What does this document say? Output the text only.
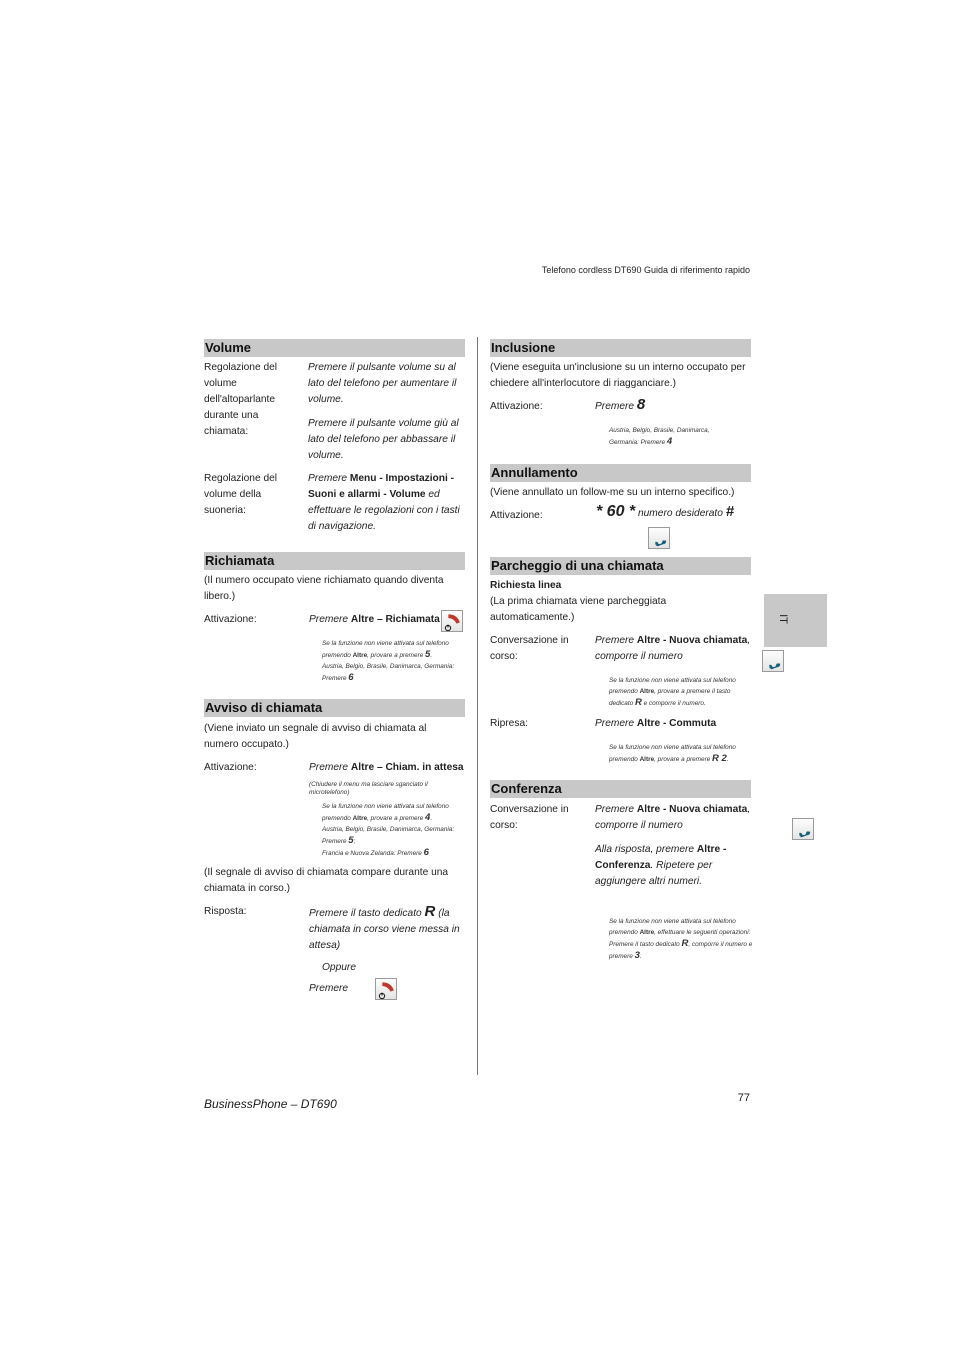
Telefono cordless DT690 Guida di riferimento rapido
Volume
Regolazione del volume dell'altoparlante durante una chiamata:
Premere il pulsante volume su al lato del telefono per aumentare il volume.
Premere il pulsante volume giù al lato del telefono per abbassare il volume.
Regolazione del volume della suoneria:
Premere Menu - Impostazioni - Suoni e allarmi - Volume ed effettuare le regolazioni con i tasti di navigazione.
Richiamata
(Il numero occupato viene richiamato quando diventa libero.)
Attivazione:	Premere Altre – Richiamata

Se la funzione non viene attivata sul telefono premendo Altre, provare a premere 5.
Austria, Belgio, Brasile, Danimarca, Germania: Premere 6
Avviso di chiamata
(Viene inviato un segnale di avviso di chiamata al numero occupato.)
Attivazione:	Premere Altre – Chiam. in attesa
(Chiudere il menu ma lasciare sganciato il microtelefono)
Se la funzione non viene attivata sul telefono premendo Altre, provare a premere 4.
Austria, Belgio, Brasile, Danimarca, Germania: Premere 5;
Francia e Nuova Zelanda: Premere 6
(Il segnale di avviso di chiamata compare durante una chiamata in corso.)
Risposta:	Premere il tasto dedicato R (la chiamata in corso viene messa in attesa)
Oppure
Premere

Inclusione
(Viene eseguita un'inclusione su un interno occupato per chiedere all'interlocutore di riagganciare.)
Attivazione:	Premere 8
Austria, Belgio, Brasile, Danimarca, Germania: Premere 4
Annullamento
(Viene annullato un follow-me su un interno specifico.)
Attivazione:	* 60 * numero desiderato #

Parcheggio di una chiamata
Richiesta linea
(La prima chiamata viene parcheggiata automaticamente.)
Conversazione in corso:
Premere Altre - Nuova chiamata, comporre il numero

Se la funzione non viene attivata sul telefono premendo Altre, provare a premere il tasto dedicato R e comporre il numero.
Ripresa:	Premere Altre - Commuta
Se la funzione non viene attivata sul telefono premendo Altre, provare a premere R 2.
Conferenza
Conversazione in corso:
Premere Altre - Nuova chiamata, comporre il numero
Alla risposta, premere Altre - Conferenza. Ripetere per aggiungere altri numeri.
Se la funzione non viene attivata sul telefono premendo Altre, effettuare le seguenti operazioni: Premere il tasto dedicato R, comporre il numero e premere 3.
IT
BusinessPhone – DT690	77
